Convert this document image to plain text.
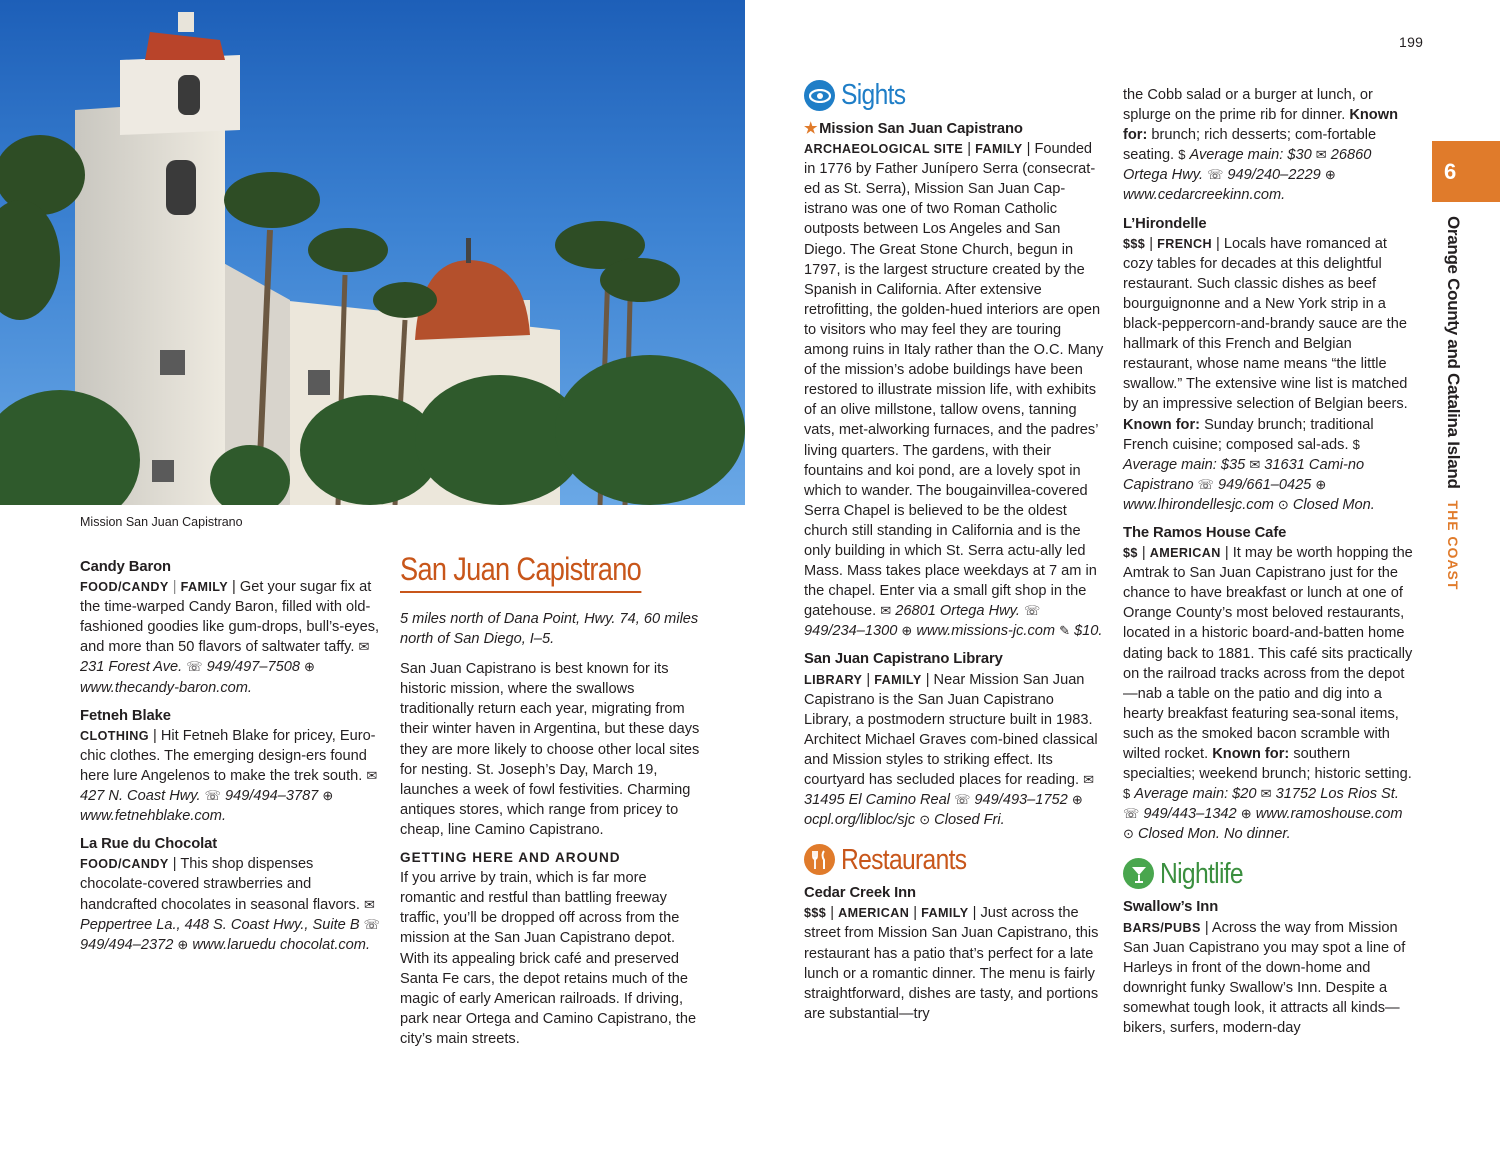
Mission San Juan Capistrano
199
6
Orange County and Catalina IslandTHE COAST
Candy Baron
FOOD/CANDY | FAMILY | Get your sugar fix at the time-warped Candy Baron, filled with old-fashioned goodies like gum-drops, bull’s-eyes, and more than 50 flavors of saltwater taffy. ✉ 231 Forest Ave. ☏ 949/497–7508 ⊕ www.thecandy-baron.com.
Fetneh Blake
CLOTHING | Hit Fetneh Blake for pricey, Euro-chic clothes. The emerging design-ers found here lure Angelenos to make the trek south. ✉ 427 N. Coast Hwy. ☏ 949/494–3787 ⊕ www.fetnehblake.com.
La Rue du Chocolat
FOOD/CANDY | This shop dispenses chocolate-covered strawberries and handcrafted chocolates in seasonal flavors. ✉ Peppertree La., 448 S. Coast Hwy., Suite B ☏ 949/494–2372 ⊕ www.laruedu chocolat.com.
San Juan Capistrano
5 miles north of Dana Point, Hwy. 74, 60 miles north of San Diego, I–5.
San Juan Capistrano is best known for its historic mission, where the swallows traditionally return each year, migrating from their winter haven in Argentina, but these days they are more likely to choose other local sites for nesting. St. Joseph’s Day, March 19, launches a week of fowl festivities. Charming antiques stores, which range from pricey to cheap, line Camino Capistrano.
GETTING HERE AND AROUND
If you arrive by train, which is far more romantic and restful than battling freeway traffic, you’ll be dropped off across from the mission at the San Juan Capistrano depot. With its appealing brick café and preserved Santa Fe cars, the depot retains much of the magic of early American railroads. If driving, park near Ortega and Camino Capistrano, the city’s main streets.
Sights
★ Mission San Juan Capistrano
ARCHAEOLOGICAL SITE | FAMILY | Founded in 1776 by Father Junípero Serra (consecrat-ed as St. Serra), Mission San Juan Cap-istrano was one of two Roman Catholic outposts between Los Angeles and San Diego. The Great Stone Church, begun in 1797, is the largest structure created by the Spanish in California. After extensive retrofitting, the golden-hued interiors are open to visitors who may feel they are touring among ruins in Italy rather than the O.C. Many of the mission’s adobe buildings have been restored to illustrate mission life, with exhibits of an olive millstone, tallow ovens, tanning vats, met-alworking furnaces, and the padres’ living quarters. The gardens, with their fountains and koi pond, are a lovely spot in which to wander. The bougainvillea-covered Serra Chapel is believed to be the oldest church still standing in California and is the only building in which St. Serra actu-ally led Mass. Mass takes place weekdays at 7 am in the chapel. Enter via a small gift shop in the gatehouse. ✉ 26801 Ortega Hwy. ☏ 949/234–1300 ⊕ www.missions-jc.com ✎ $10.
San Juan Capistrano Library
LIBRARY | FAMILY | Near Mission San Juan Capistrano is the San Juan Capistrano Library, a postmodern structure built in 1983. Architect Michael Graves com-bined classical and Mission styles to striking effect. Its courtyard has secluded places for reading. ✉ 31495 El Camino Real ☏ 949/493–1752 ⊕ ocpl.org/libloc/sjc ⊙ Closed Fri.
Restaurants
Cedar Creek Inn
$$$ | AMERICAN | FAMILY | Just across the street from Mission San Juan Capistrano, this restaurant has a patio that’s perfect for a late lunch or a romantic dinner. The menu is fairly straightforward, dishes are tasty, and portions are substantial—try
the Cobb salad or a burger at lunch, or splurge on the prime rib for dinner. Known for: brunch; rich desserts; com-fortable seating. $ Average main: $30 ✉ 26860 Ortega Hwy. ☏ 949/240–2229 ⊕ www.cedarcreekinn.com.
L’Hirondelle
$$$ | FRENCH | Locals have romanced at cozy tables for decades at this delightful restaurant. Such classic dishes as beef bourguignonne and a New York strip in a black-peppercorn-and-brandy sauce are the hallmark of this French and Belgian restaurant, whose name means “the little swallow.” The extensive wine list is matched by an impressive selection of Belgian beers. Known for: Sunday brunch; traditional French cuisine; composed sal-ads. $ Average main: $35 ✉ 31631 Cami-no Capistrano ☏ 949/661–0425 ⊕ www.lhirondellesjc.com ⊙ Closed Mon.
The Ramos House Cafe
$$ | AMERICAN | It may be worth hopping the Amtrak to San Juan Capistrano just for the chance to have breakfast or lunch at one of Orange County’s most beloved restaurants, located in a historic board-and-batten home dating back to 1881. This café sits practically on the railroad tracks across from the depot—nab a table on the patio and dig into a hearty breakfast featuring sea-sonal items, such as the smoked bacon scramble with wilted rocket. Known for: southern specialties; weekend brunch; historic setting. $ Average main: $20 ✉ 31752 Los Rios St. ☏ 949/443–1342 ⊕ www.ramoshouse.com ⊙ Closed Mon. No dinner.
Nightlife
Swallow’s Inn
BARS/PUBS | Across the way from Mission San Juan Capistrano you may spot a line of Harleys in front of the down-home and downright funky Swallow’s Inn. Despite a somewhat tough look, it attracts all kinds—bikers, surfers, modern-day
